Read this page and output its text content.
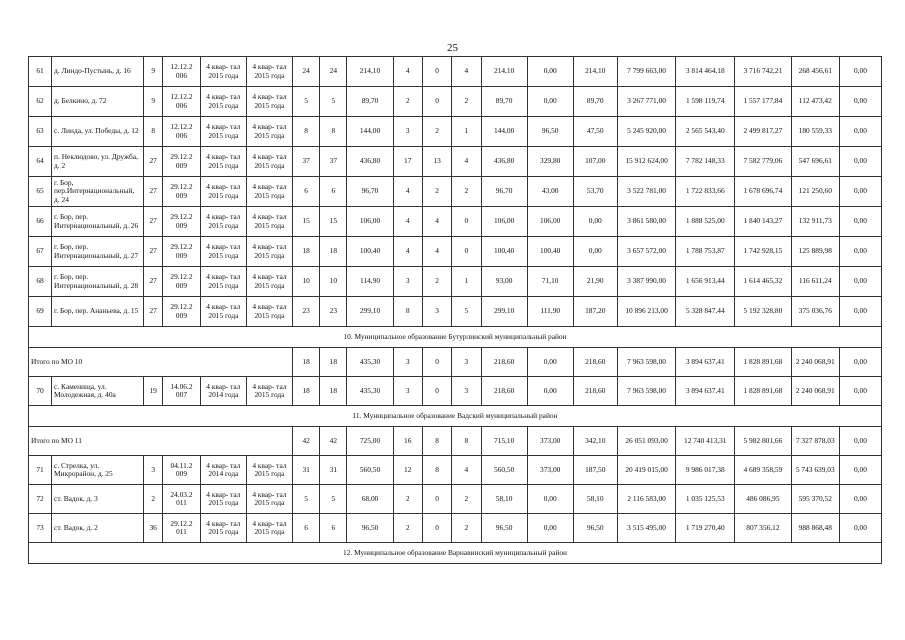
25
61	д. Линдо-Пустынь, д. 16	9	12.12.2 006	4 квар- тал 2015 года	4 квар- тал 2015 года	24	24	214,10	4	0	4	214,10	0,00	214,10	7 799 663,00	3 814 464,18	3 716 742,21	268 456,61	0,00
62	д. Белкино, д. 72	9	12.12.2 006	4 квар- тал 2015 года	4 квар- тал 2015 года	5	5	89,70	2	0	2	89,70	0,00	89,70	3 267 771,00	1 598 119,74	1 557 177,84	112 473,42	0,00
63	с. Линда, ул. Победы, д. 12	8	12.12.2 006	4 квар- тал 2015 года	4 квар- тал 2015 года	8	8	144,00	3	2	1	144,00	96,50	47,50	5 245 920,00	2 565 543,40	2 499 817,27	180 559,33	0,00
64	п. Неклюдово, ул. Дружба, д. 2	27	29.12.2 009	4 квар- тал 2015 года	4 квар- тал 2015 года	37	37	436,80	17	13	4	436,80	329,80	107,00	15 912 624,00	7 782 148,33	7 582 779,06	547 696,61	0,00
65	г. Бор, пер.Интернациональный, д. 24	27	29.12.2 009	4 квар- тал 2015 года	4 квар- тал 2015 года	6	6	96,70	4	2	2	96,70	43,00	53,70	3 522 781,00	1 722 833,66	1 678 696,74	121 250,60	0,00
66	г. Бор, пер. Интернациональный, д. 26	27	29.12.2 009	4 квар- тал 2015 года	4 квар- тал 2015 года	15	15	106,00	4	4	0	106,00	106,00	0,00	3 861 580,00	1 888 525,00	1 840 143,27	132 911,73	0,00
67	г. Бор, пер. Интернациональный, д. 27	27	29.12.2 009	4 квар- тал 2015 года	4 квар- тал 2015 года	18	18	100,40	4	4	0	100,40	100,40	0,00	3 657 572,00	1 788 753,87	1 742 928,15	125 889,98	0,00
68	г. Бор, пер. Интернациональный, д. 28	27	29.12.2 009	4 квар- тал 2015 года	4 квар- тал 2015 года	10	10	114,90	3	2	1	93,00	71,10	21,90	3 387 990,00	1 656 913,44	1 614 465,32	116 611,24	0,00
69	г. Бор, пер. Ананьева, д. 15	27	29.12.2 009	4 квар- тал 2015 года	4 квар- тал 2015 года	23	23	299,10	8	3	5	299,10	111,90	187,20	10 896 213,00	5 328 847,44	5 192 328,80	375 036,76	0,00
10. Муниципальное образование Бутурлинский муниципальный район																			
Итого по МО 10						18	18	435,30	3	0	3	218,60	0,00	218,60	7 963 598,00	3 894 637,41	1 828 891,68	2 240 068,91	0,00
70	с. Каменища, ул. Молодежная, д. 40а	19	14.06.2 007	4 квар- тал 2014 года	4 квар- тал 2015 года	18	18	435,30	3	0	3	218,60	0,00	218,60	7 963 598,00	3 894 637,41	1 828 891,68	2 240 068,91	0,00
11. Муниципальное образование Вадский муниципальный район																			
Итого по МО 11						42	42	725,00	16	8	8	715,10	373,00	342,10	26 051 093,00	12 740 413,31	5 982 801,66	7 327 878,03	0,00
71	с. Стрелка, ул. Микрорайон, д. 25	3	04.11.2 009	4 квар- тал 2014 года	4 квар- тал 2015 года	31	31	560,50	12	8	4	560,50	373,00	187,50	20 419 015,00	9 986 017,38	4 689 358,59	5 743 639,03	0,00
72	ст. Вадок, д. 3	2	24.03.2 011	4 квар- тал 2015 года	4 квар- тал 2015 года	5	5	68,00	2	0	2	58,10	0,00	58,10	2 116 583,00	1 035 125,53	486 086,95	595 370,52	0,00
73	ст. Вадок, д. 2	36	29.12.2 011	4 квар- тал 2015 года	4 квар- тал 2015 года	6	6	96,50	2	0	2	96,50	0,00	96,50	3 515 495,00	1 719 270,40	807 356,12	988 868,48	0,00
12. Муниципальное образование Варнавинский муниципальный район																			
